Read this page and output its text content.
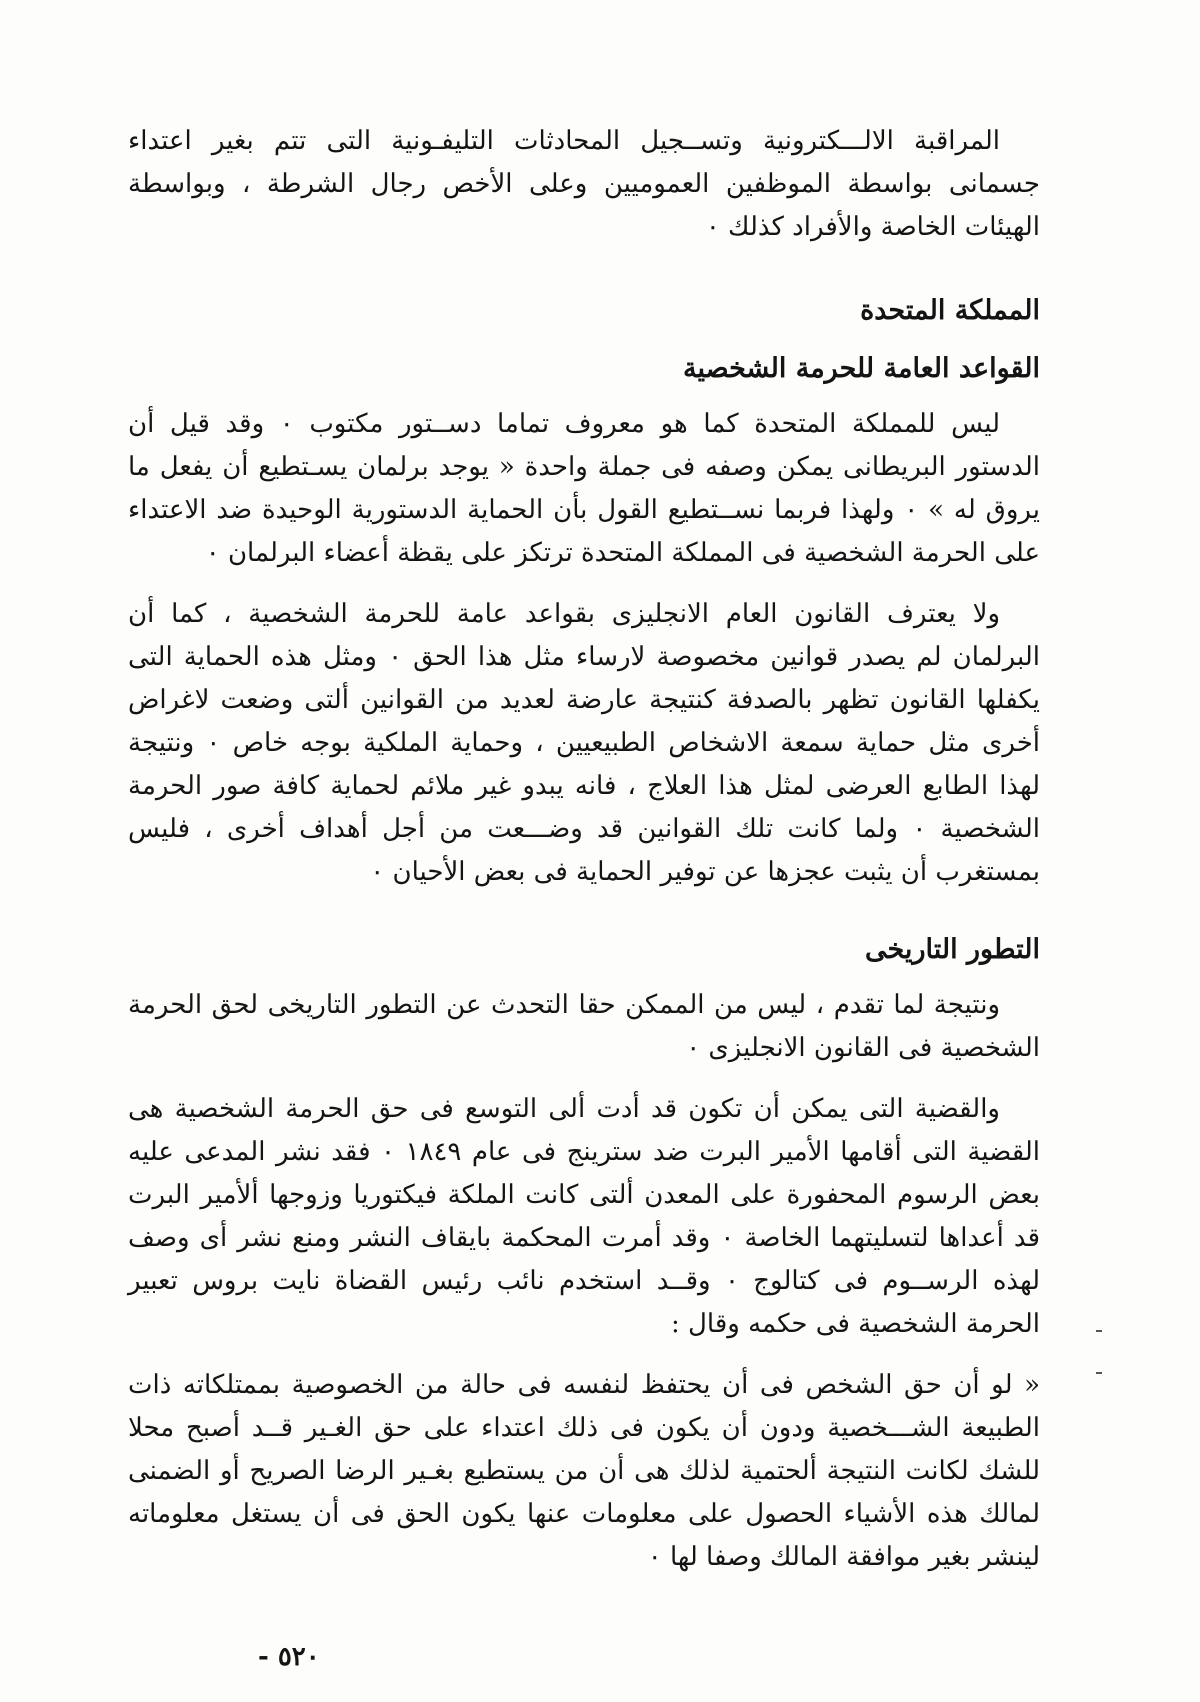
المراقبة الالـــكترونية وتســجيل المحادثات التليفـونية التى تتم بغير اعتداء جسمانى بواسطة الموظفين العموميين وعلى الأخص رجال الشرطة ، وبواسطة الهيئات الخاصة والأفراد كذلك ٠

المملكة المتحدة
القواعد العامة للحرمة الشخصية

ليس للمملكة المتحدة كما هو معروف تماما دســتور مكتوب ٠ وقد قيل أن الدستور البريطانى يمكن وصفه فى جملة واحدة « يوجد برلمان يسـتطيع أن يفعل ما يروق له » ٠ ولهذا فربما نســتطيع القول بأن الحماية الدستورية الوحيدة ضد الاعتداء على الحرمة الشخصية فى المملكة المتحدة ترتكز على يقظة أعضاء البرلمان ٠

ولا يعترف القانون العام الانجليزى بقواعد عامة للحرمة الشخصية ، كما أن البرلمان لم يصدر قوانين مخصوصة لارساء مثل هذا الحق ٠ ومثل هذه الحماية التى يكفلها القانون تظهر بالصدفة كنتيجة عارضة لعديد من القوانين ألتى وضعت لاغراض أخرى مثل حماية سمعة الاشخاص الطبيعيين ، وحماية الملكية بوجه خاص ٠ ونتيجة لهذا الطابع العرضى لمثل هذا العلاج ، فانه يبدو غير ملائم لحماية كافة صور الحرمة الشخصية ٠ ولما كانت تلك القوانين قد وضـــعت من أجل أهداف أخرى ، فليس بمستغرب أن يثبت عجزها عن توفير الحماية فى بعض الأحيان ٠

التطور التاريخى

ونتيجة لما تقدم ، ليس من الممكن حقا التحدث عن التطور التاريخى لحق الحرمة الشخصية فى القانون الانجليزى ٠

والقضية التى يمكن أن تكون قد أدت ألى التوسع فى حق الحرمة الشخصية هى القضية التى أقامها الأمير البرت ضد سترينج فى عام ١٨٤٩ ٠ فقد نشر المدعى عليه بعض الرسوم المحفورة على المعدن ألتى كانت الملكة فيكتوريا وزوجها ألأمير البرت قد أعداها لتسليتهما الخاصة ٠ وقد أمرت المحكمة بايقاف النشر ومنع نشر أى وصف لهذه الرســوم فى كتالوج ٠ وقــد استخدم نائب رئيس القضاة نايت بروس تعبير الحرمة الشخصية فى حكمه وقال :

« لو أن حق الشخص فى أن يحتفظ لنفسه فى حالة من الخصوصية بممتلكاته ذات الطبيعة الشـــخصية ودون أن يكون فى ذلك اعتداء على حق الغـير قــد أصبح محلا للشك لكانت النتيجة ألحتمية لذلك هى أن من يستطيع بغـير الرضا الصريح أو الضمنى لمالك هذه الأشياء الحصول على معلومات عنها يكون الحق فى أن يستغل معلوماته لينشر بغير موافقة المالك وصفا لها ٠

٥٢٠ -
